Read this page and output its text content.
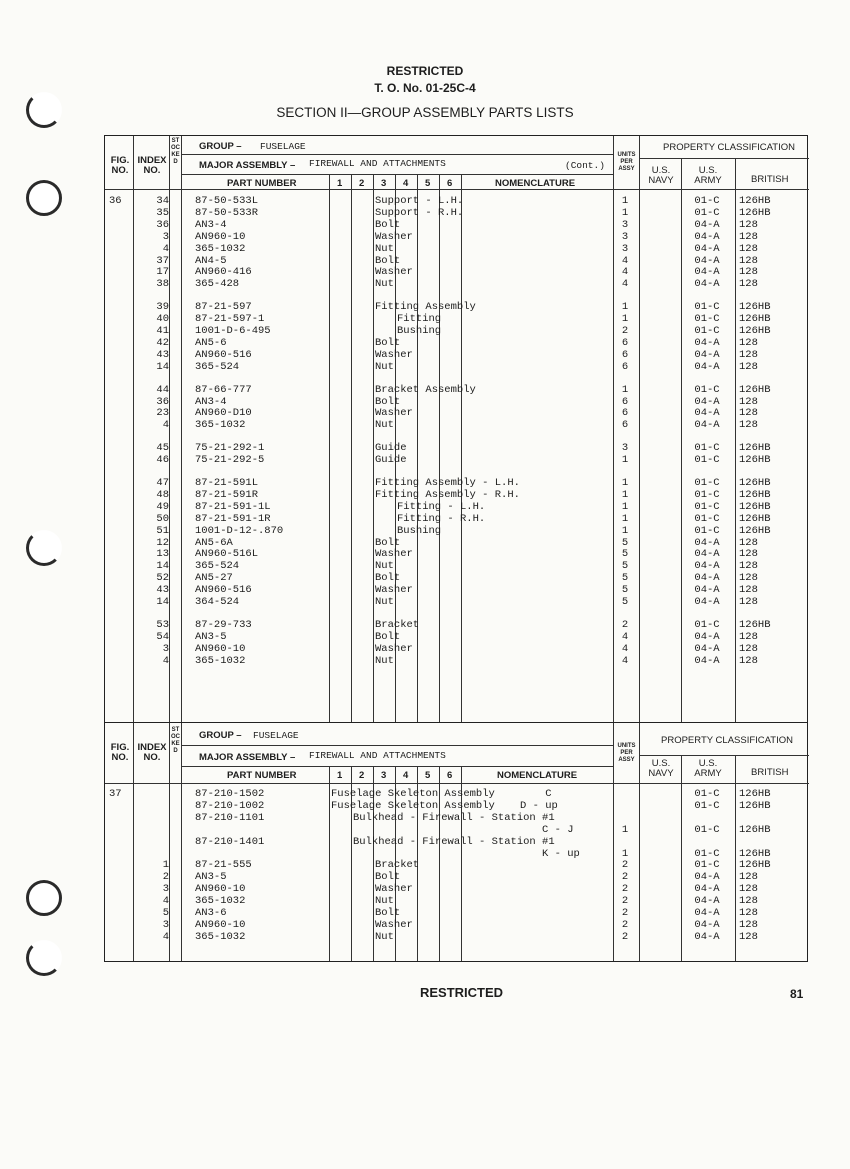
RESTRICTED
T. O. No. 01-25C-4
SECTION II—GROUP ASSEMBLY PARTS LISTS
FIG. NO.
INDEX NO.
STOCKED
GROUP – FUSELAGE
MAJOR ASSEMBLY – FIREWALL AND ATTACHMENTS	(Cont.)
PART NUMBER	1 2 3 4 5 6	NOMENCLATURE
UNITS PER ASSY
PROPERTY CLASSIFICATION
U.S. NAVY
U.S. ARMY	BRITISH
36	34 87-50-533L	Support - L.H.	1	01-C	126HB
35 87-50-533R	Support - R.H.	1	01-C	126HB
36 AN3-4	Bolt	3	04-A	128
3 AN960-10	Washer	3	04-A	128
4 365-1032	Nut	3	04-A	128
37 AN4-5	Bolt	4	04-A	128
17 AN960-416	Washer	4	04-A	128
38 365-428	Nut	4	04-A	128
39 87-21-597	Fitting Assembly	1	01-C	126HB
40 87-21-597-1	Fitting	1	01-C	126HB
41 1001-D-6-495	Bushing	2	01-C	126HB
42 AN5-6	Bolt	6	04-A	128
43 AN960-516	Washer	6	04-A	128
14 365-524	Nut	6	04-A	128
44 87-66-777	Bracket Assembly	1	01-C	126HB
36 AN3-4	Bolt	6	04-A	128
23 AN960-D10	Washer	6	04-A	128
4 365-1032	Nut	6	04-A	128
45 75-21-292-1	Guide	3	01-C	126HB
46 75-21-292-5	Guide	1	01-C	126HB
47 87-21-591L	Fitting Assembly - L.H.	1	01-C	126HB
48 87-21-591R	Fitting Assembly - R.H.	1	01-C	126HB
49 87-21-591-1L	Fitting - L.H.	1	01-C	126HB
50 87-21-591-1R	Fitting - R.H.	1	01-C	126HB
51 1001-D-12-.870	Bushing	1	01-C	126HB
12 AN5-6A	Bolt	5	04-A	128
13 AN960-516L	Washer	5	04-A	128
14 365-524	Nut	5	04-A	128
52 AN5-27	Bolt	5	04-A	128
43 AN960-516	Washer	5	04-A	128
14 364-524	Nut	5	04-A	128
53 87-29-733	Bracket	2	01-C	126HB
54 AN3-5	Bolt	4	04-A	128
3 AN960-10	Washer	4	04-A	128
4 365-1032	Nut	4	04-A	128
FIG. NO.
INDEX NO.
STOCKED
GROUP – FUSELAGE
MAJOR ASSEMBLY – FIREWALL AND ATTACHMENTS
PART NUMBER	1 2 3 4 5 6	NOMENCLATURE
UNITS PER ASSY
PROPERTY CLASSIFICATION
U.S. NAVY
U.S. ARMY	BRITISH
37	87-210-1502	Fuselage Skeleton Assembly        C	01-C	126HB
87-210-1002	Fuselage Skeleton Assembly    D - up	01-C	126HB
87-210-1101	Bulkhead - Firewall - Station #1
C - J	1	01-C	126HB
87-210-1401	Bulkhead - Firewall - Station #1
K - up	1	01-C	126HB
1 87-21-555	Bracket	2	01-C	126HB
2 AN3-5	Bolt	2	04-A	128
3 AN960-10	Washer	2	04-A	128
4 365-1032	Nut	2	04-A	128
5 AN3-6	Bolt	2	04-A	128
3 AN960-10	Washer	2	04-A	128
4 365-1032	Nut	2	04-A	128
RESTRICTED	81
